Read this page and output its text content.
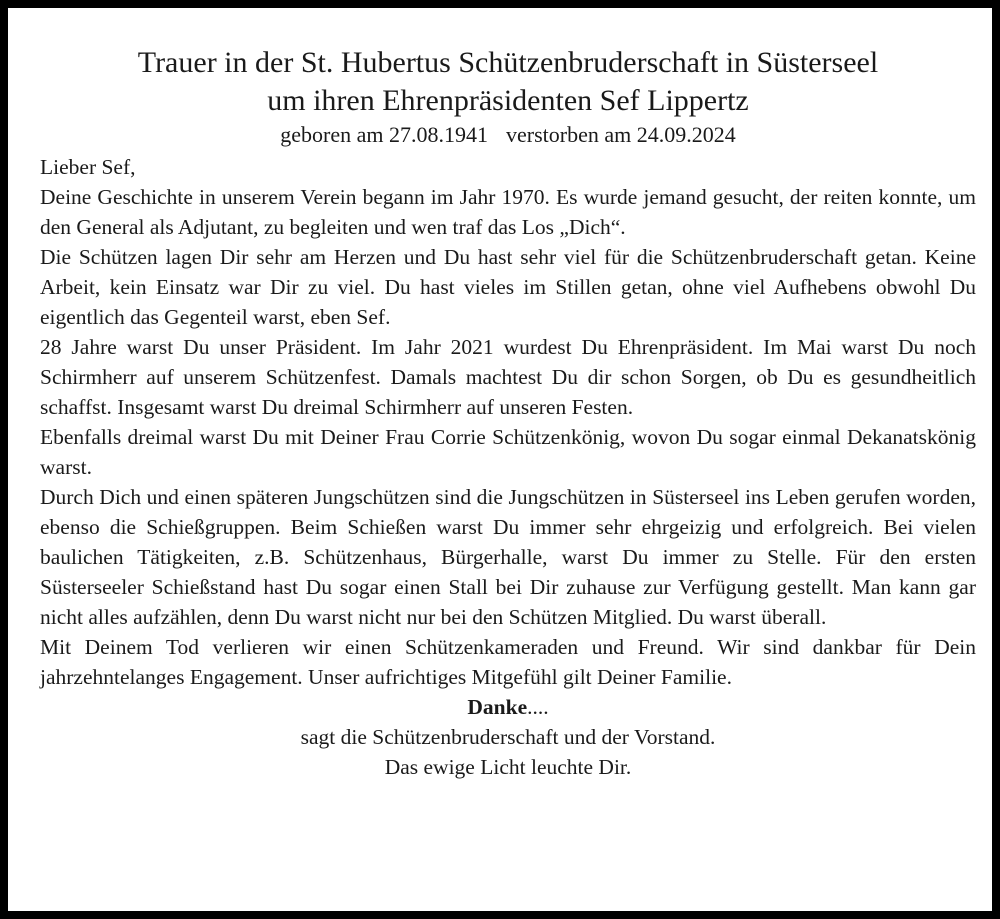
Trauer in der St. Hubertus Schützenbruderschaft in Süsterseel

um ihren Ehrenpräsidenten Sef Lippertz

geboren am 27.08.1941 verstorben am 24.09.2024

Lieber Sef,

Deine Geschichte in unserem Verein begann im Jahr 1970. Es wurde jemand gesucht, der reiten konnte, um den General als Adjutant, zu begleiten und wen traf das Los „Dich“.

Die Schützen lagen Dir sehr am Herzen und Du hast sehr viel für die Schützenbruderschaft getan. Keine Arbeit, kein Einsatz war Dir zu viel. Du hast vieles im Stillen getan, ohne viel Aufhebens obwohl Du eigentlich das Gegenteil warst, eben Sef.

28 Jahre warst Du unser Präsident. Im Jahr 2021 wurdest Du Ehrenpräsident. Im Mai warst Du noch Schirmherr auf unserem Schützenfest. Damals machtest Du dir schon Sorgen, ob Du es gesundheitlich schaffst. Insgesamt warst Du dreimal Schirmherr auf unseren Festen.

Ebenfalls dreimal warst Du mit Deiner Frau Corrie Schützenkönig, wovon Du sogar einmal Dekanatskönig warst.

Durch Dich und einen späteren Jungschützen sind die Jungschützen in Süsterseel ins Leben gerufen worden, ebenso die Schießgruppen. Beim Schießen warst Du immer sehr ehrgeizig und erfolgreich. Bei vielen baulichen Tätigkeiten, z.B. Schützenhaus, Bürgerhalle, warst Du immer zu Stelle. Für den ersten Süsterseeler Schießstand hast Du sogar einen Stall bei Dir zuhause zur Verfügung gestellt. Man kann gar nicht alles aufzählen, denn Du warst nicht nur bei den Schützen Mitglied. Du warst überall.

Mit Deinem Tod verlieren wir einen Schützenkameraden und Freund. Wir sind dankbar für Dein jahrzehntelanges Engagement. Unser aufrichtiges Mitgefühl gilt Deiner Familie.

Danke....

sagt die Schützenbruderschaft und der Vorstand.

Das ewige Licht leuchte Dir.
